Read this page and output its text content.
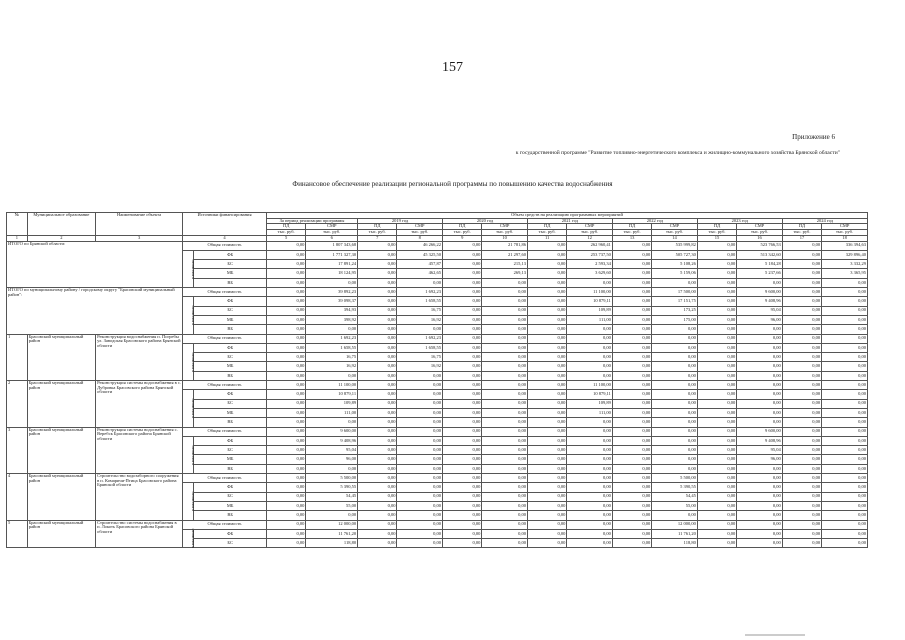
157
Приложение 6
к государственной программе "Развитие топливно-энергетического комплекса и жилищно-коммунального хозяйства Брянской области"
Финансовое обеспечение реализации региональной программы по повышению качества водоснабжения
№	Муниципальное образование	Наименование объекта	Источники финансирования		Объем средств на реализацию программных мероприятий													
					За период реализации программы		2019 год		2020 год		2021 год		2022 год		2023 год		2024 год	
					ПД	СМР	ПД	СМР	ПД	СМР	ПД	СМР	ПД	СМР	ПД	СМР	ПД	СМР
					тыс. руб.	тыс. руб.	тыс. руб.	тыс. руб.	тыс. руб.	тыс. руб.	тыс. руб.	тыс. руб.	тыс. руб.	тыс. руб.	тыс. руб.	тыс. руб.	тыс. руб.	тыс. руб.
1	2	3	4		5	6	7	8	9	10	11	12	13	14	15	16	17	18
ИТОГО по Брянской области:			Общая стоимость		0,00	1 807 343,68	0,00	46 266,22	0,00	21 781,86	0,00	262 960,41	0,00	535 999,82	0,00	523 766,53	0,00	336 394,63
			в том числе:	ФБ	0,00	1 771 327,30	0,00	45 325,50	0,00	21 297,60	0,00	253 737,50	0,00	505 727,30	0,00	513 342,60	0,00	329 896,40
				БС	0,00	17 891,24	0,00	457,87	0,00	215,13	0,00	2 593,34	0,00	5 108,26	0,00	5 184,28	0,00	3 332,29
				МБ	0,00	18 124,95	0,00	462,65	0,00	269,13	0,00	3 629,60	0,00	5 159,06	0,00	5 237,66	0,00	3 365,95
				ВБ	0,00	0,00	0,00	0,00	0,00	0,00	0,00	0,00	0,00	0,00	0,00	0,00	0,00	0,00
ИТОГО по муниципальному району / городскому округу "Брасовский муниципальный район":			Общая стоимость		0,00	39 892,23	0,00	1 692,23	0,00	0,00	0,00	11 100,00	0,00	17 500,00	0,00	9 600,00	0,00	0,00
			в том числе:	ФБ	0,00	39 098,37	0,00	1 658,55	0,00	0,00	0,00	10 879,11	0,00	17 151,75	0,00	9 408,96	0,00	0,00
				БС	0,00	394,93	0,00	16,75	0,00	0,00	0,00	109,89	0,00	173,25	0,00	95,04	0,00	0,00
				МБ	0,00	398,92	0,00	16,92	0,00	0,00	0,00	111,00	0,00	175,00	0,00	96,00	0,00	0,00
				ВБ	0,00	0,00	0,00	0,00	0,00	0,00	0,00	0,00	0,00	0,00	0,00	0,00	0,00	0,00
1	Брасовский муниципальный район	Реконструкция водоснабжения п. Погребы ул. Заводская Брасовского района Брянской области	Общая стоимость		0,00	1 692,23	0,00	1 692,23	0,00	0,00	0,00	0,00	0,00	0,00	0,00	0,00	0,00	0,00
			в том числе:	ФБ	0,00	1 658,55	0,00	1 658,55	0,00	0,00	0,00	0,00	0,00	0,00	0,00	0,00	0,00	0,00
				БС	0,00	16,75	0,00	16,75	0,00	0,00	0,00	0,00	0,00	0,00	0,00	0,00	0,00	0,00
				МБ	0,00	16,92	0,00	16,92	0,00	0,00	0,00	0,00	0,00	0,00	0,00	0,00	0,00	0,00
				ВБ	0,00	0,00	0,00	0,00	0,00	0,00	0,00	0,00	0,00	0,00	0,00	0,00	0,00	0,00
2	Брасовский муниципальный район	Реконструкция системы водоснабжения в с. Дубровка Брасовского района Брянской области	Общая стоимость		0,00	11 100,00	0,00	0,00	0,00	0,00	0,00	11 100,00	0,00	0,00	0,00	0,00	0,00	0,00
			в том числе:	ФБ	0,00	10 879,11	0,00	0,00	0,00	0,00	0,00	10 879,11	0,00	0,00	0,00	0,00	0,00	0,00
				БС	0,00	109,89	0,00	0,00	0,00	0,00	0,00	109,89	0,00	0,00	0,00	0,00	0,00	0,00
				МБ	0,00	111,00	0,00	0,00	0,00	0,00	0,00	111,00	0,00	0,00	0,00	0,00	0,00	0,00
				ВБ	0,00	0,00	0,00	0,00	0,00	0,00	0,00	0,00	0,00	0,00	0,00	0,00	0,00	0,00
3	Брасовский муниципальный район	Реконструкция системы водоснабжения с. Веребск Брасовского района Брянской области	Общая стоимость		0,00	9 600,00	0,00	0,00	0,00	0,00	0,00	0,00	0,00	0,00	0,00	9 600,00	0,00	0,00
			в том числе:	ФБ	0,00	9 408,96	0,00	0,00	0,00	0,00	0,00	0,00	0,00	0,00	0,00	9 408,96	0,00	0,00
				БС	0,00	95,04	0,00	0,00	0,00	0,00	0,00	0,00	0,00	0,00	0,00	95,04	0,00	0,00
				МБ	0,00	96,00	0,00	0,00	0,00	0,00	0,00	0,00	0,00	0,00	0,00	96,00	0,00	0,00
				ВБ	0,00	0,00	0,00	0,00	0,00	0,00	0,00	0,00	0,00	0,00	0,00	0,00	0,00	0,00
4	Брасовский муниципальный район	Строительство водозаборного сооружения в п. Комаричи-Птица Брасовского района Брянской области	Общая стоимость		0,00	5 500,00	0,00	0,00	0,00	0,00	0,00	0,00	0,00	5 500,00	0,00	0,00	0,00	0,00
			в том числе:	ФБ	0,00	5 390,55	0,00	0,00	0,00	0,00	0,00	0,00	0,00	5 390,55	0,00	0,00	0,00	0,00
				БС	0,00	54,45	0,00	0,00	0,00	0,00	0,00	0,00	0,00	54,45	0,00	0,00	0,00	0,00
				МБ	0,00	55,00	0,00	0,00	0,00	0,00	0,00	0,00	0,00	55,00	0,00	0,00	0,00	0,00
				ВБ	0,00	0,00	0,00	0,00	0,00	0,00	0,00	0,00	0,00	0,00	0,00	0,00	0,00	0,00
5	Брасовский муниципальный район	Строительство системы водоснабжения в п. Локоть Брасовского района Брянской области	Общая стоимость		0,00	12 000,00	0,00	0,00	0,00	0,00	0,00	0,00	0,00	12 000,00	0,00	0,00	0,00	0,00
			в том числе:	ФБ	0,00	11 761,20	0,00	0,00	0,00	0,00	0,00	0,00	0,00	11 761,20	0,00	0,00	0,00	0,00
				БС	0,00	118,80	0,00	0,00	0,00	0,00	0,00	0,00	0,00	118,80	0,00	0,00	0,00	0,00
